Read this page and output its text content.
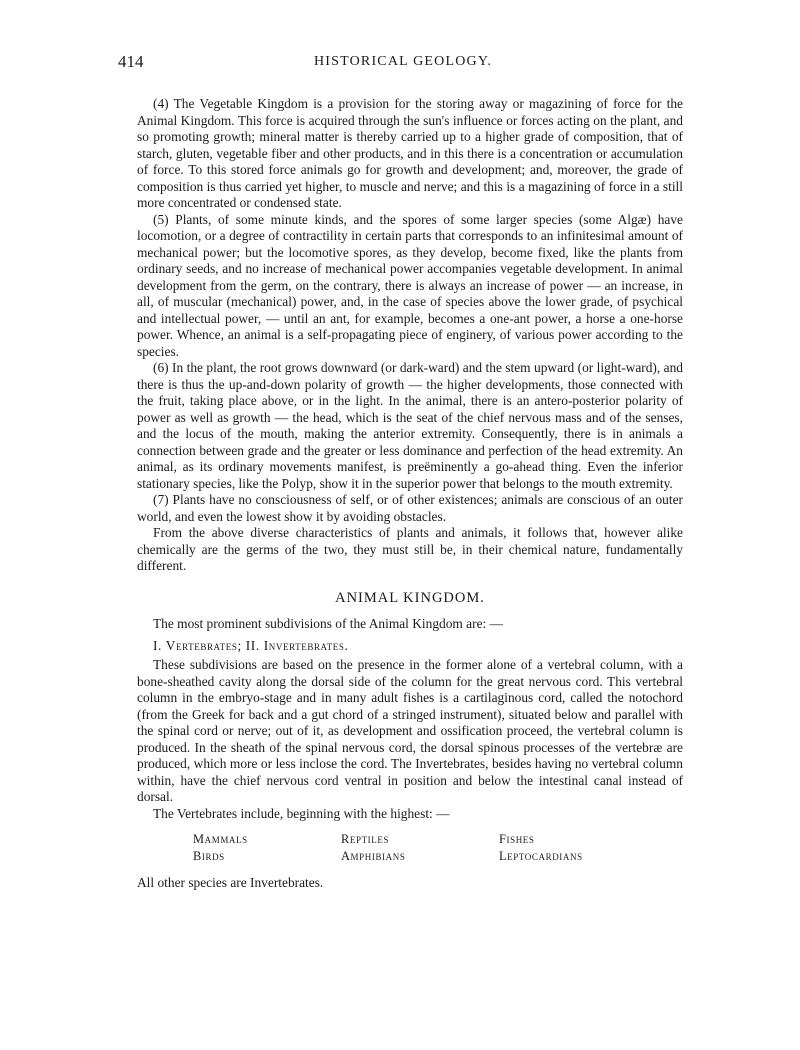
414	HISTORICAL GEOLOGY.

(4) The Vegetable Kingdom is a provision for the storing away or magazining of force for the Animal Kingdom. This force is acquired through the sun's influence or forces acting on the plant, and so promoting growth; mineral matter is thereby carried up to a higher grade of composition, that of starch, gluten, vegetable fiber and other products, and in this there is a concentration or accumulation of force. To this stored force animals go for growth and development; and, moreover, the grade of composition is thus carried yet higher, to muscle and nerve; and this is a magazining of force in a still more concentrated or condensed state.

(5) Plants, of some minute kinds, and the spores of some larger species (some Algæ) have locomotion, or a degree of contractility in certain parts that corresponds to an infinitesimal amount of mechanical power; but the locomotive spores, as they develop, become fixed, like the plants from ordinary seeds, and no increase of mechanical power accompanies vegetable development. In animal development from the germ, on the contrary, there is always an increase of power — an increase, in all, of muscular (mechanical) power, and, in the case of species above the lower grade, of psychical and intellectual power, — until an ant, for example, becomes a one-ant power, a horse a one-horse power. Whence, an animal is a self-propagating piece of enginery, of various power according to the species.

(6) In the plant, the root grows downward (or dark-ward) and the stem upward (or light-ward), and there is thus the up-and-down polarity of growth — the higher developments, those connected with the fruit, taking place above, or in the light. In the animal, there is an antero-posterior polarity of power as well as growth — the head, which is the seat of the chief nervous mass and of the senses, and the locus of the mouth, making the anterior extremity. Consequently, there is in animals a connection between grade and the greater or less dominance and perfection of the head extremity. An animal, as its ordinary movements manifest, is preëminently a go-ahead thing. Even the inferior stationary species, like the Polyp, show it in the superior power that belongs to the mouth extremity.

(7) Plants have no consciousness of self, or of other existences; animals are conscious of an outer world, and even the lowest show it by avoiding obstacles.

From the above diverse characteristics of plants and animals, it follows that, however alike chemically are the germs of the two, they must still be, in their chemical nature, fundamentally different.

ANIMAL KINGDOM.

The most prominent subdivisions of the Animal Kingdom are: —

I. Vertebrates; II. Invertebrates.

These subdivisions are based on the presence in the former alone of a vertebral column, with a bone-sheathed cavity along the dorsal side of the column for the great nervous cord. This vertebral column in the embryo-stage and in many adult fishes is a cartilaginous cord, called the notochord (from the Greek for back and a gut chord of a stringed instrument), situated below and parallel with the spinal cord or nerve; out of it, as development and ossification proceed, the vertebral column is produced. In the sheath of the spinal nervous cord, the dorsal spinous processes of the vertebræ are produced, which more or less inclose the cord. The Invertebrates, besides having no vertebral column within, have the chief nervous cord ventral in position and below the intestinal canal instead of dorsal.

The Vertebrates include, beginning with the highest: —

Mammals	Reptiles	Fishes
Birds	Amphibians	Leptocardians

All other species are Invertebrates.
